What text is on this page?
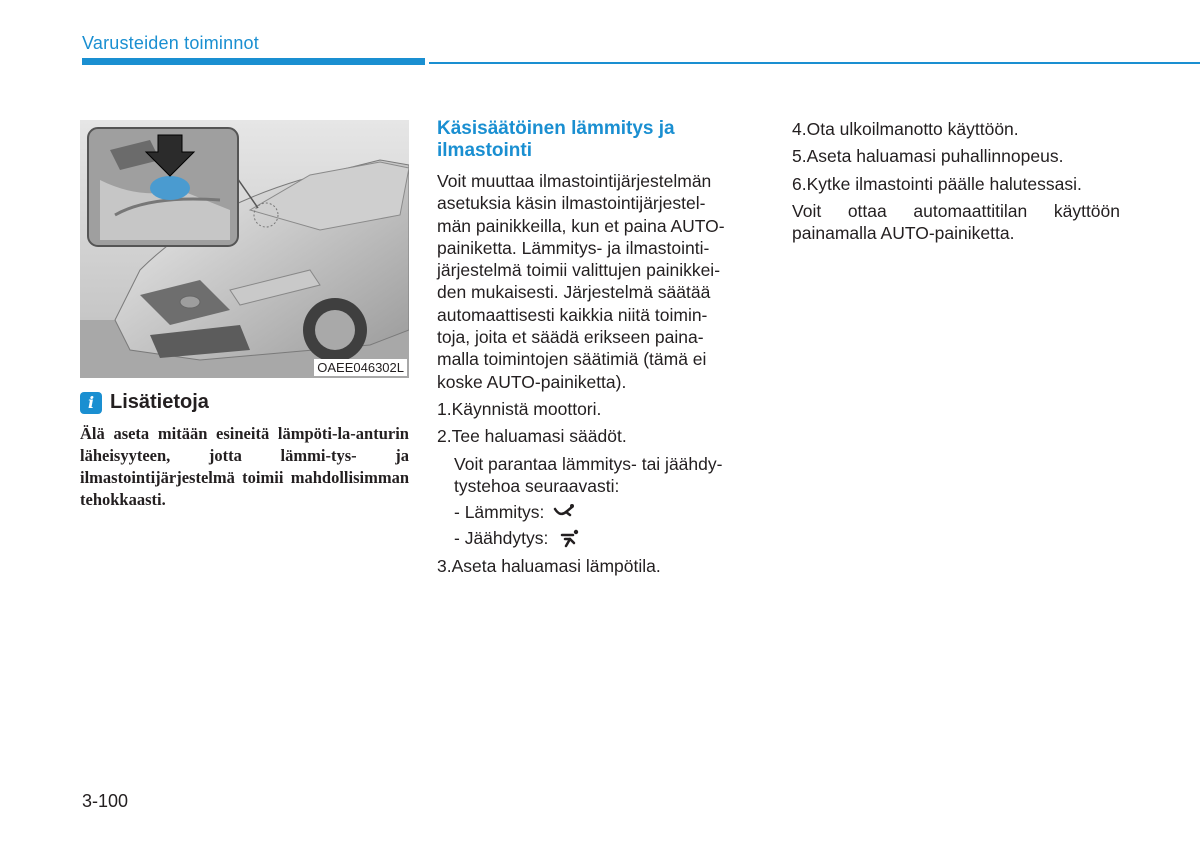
Varusteiden toiminnot
OAEE046302L
i Lisätietoja
Älä aseta mitään esineitä lämpöti-la-anturin läheisyyteen, jotta lämmi-tys- ja ilmastointijärjestelmä toimii mahdollisimman tehokkaasti.
Käsisäätöinen lämmitys ja ilmastointi

Voit muuttaa ilmastointijärjestelmän

asetuksia käsin ilmastointijärjestel-

män painikkeilla, kun et paina AUTO-

painiketta. Lämmitys- ja ilmastointi-

järjestelmä toimii valittujen painikkei-

den mukaisesti. Järjestelmä säätää

automaattisesti kaikkia niitä toimin-

toja, joita et säädä erikseen paina-

malla toimintojen säätimiä (tämä ei

koske AUTO-painiketta).

1.Käynnistä moottori.
2.Tee haluamasi säädöt.
Voit parantaa lämmitys- tai jäähdy-tystehoa seuraavasti:
- Lämmitys:
- Jäähdytys:
3.Aseta haluamasi lämpötila.
4.Ota ulkoilmanotto käyttöön.
5.Aseta haluamasi puhallinnopeus.
6.Kytke ilmastointi päälle halutessasi.
Voit ottaa automaattitilan käyttöön painamalla AUTO-painiketta.
3-100
